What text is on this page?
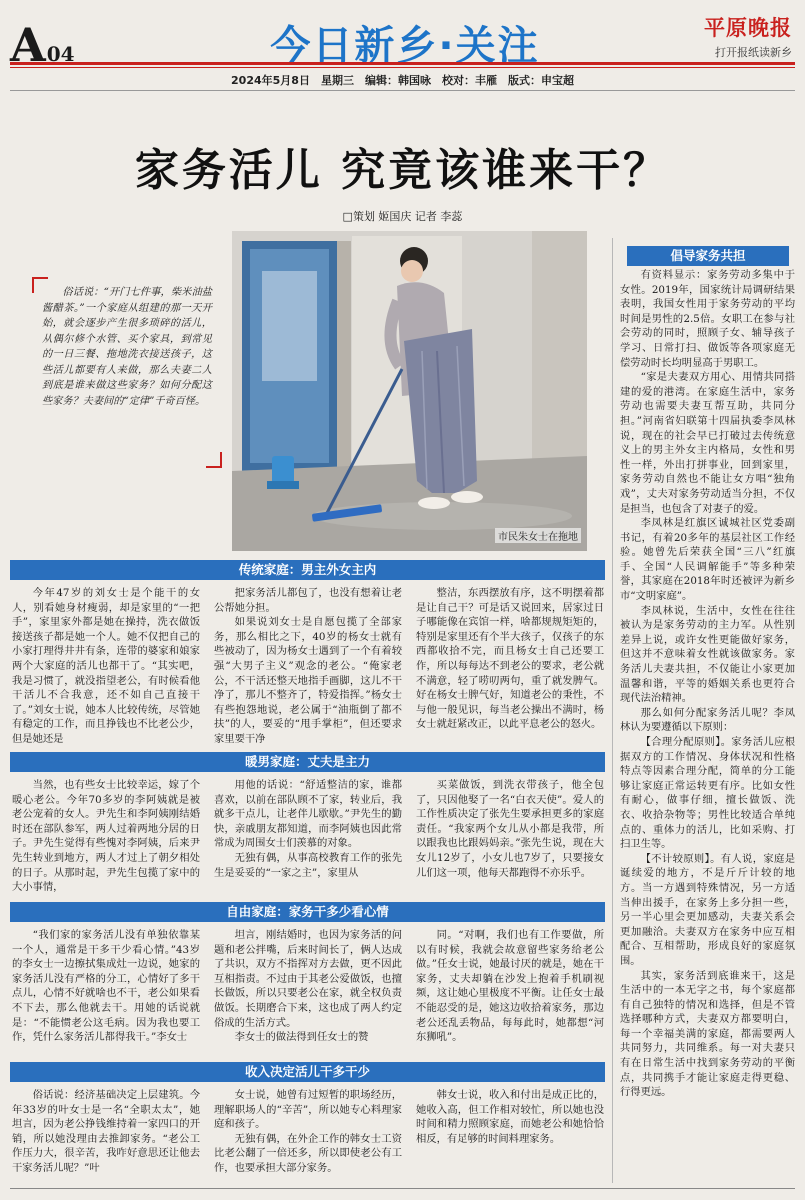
A 04	今日新乡·关注	平原晚报
打开报纸读新乡
2024年5月8日　星期三　编辑：韩国咏　校对：丰雁　版式：申宝超
家务活儿 究竟该谁来干？
□策划 姬国庆 记者 李蕊

俗话说：“开门七件事，柴米油盐酱醋茶。”一个家庭从组建的那一天开始，就会逐步产生很多琐碎的活儿，从偶尔修个水管、买个家具，到常见的一日三餐、拖地洗衣接送孩子，这些活儿都要有人来做，那么夫妻二人到底是谁来做这些家务？如何分配这些家务？夫妻间的“定律”千奇百怪。

市民朱女士在拖地
传统家庭：男主外女主内

今年47岁的刘女士是个能干的女人，别看她身材瘦弱，却是家里的“一把手”，家里家外都是她在操持，洗衣做饭接送孩子都是她一个人。她不仅把自己的小家打理得井井有条，连带的婆家和娘家两个大家庭的活儿也都干了。“其实吧，我是习惯了，就没指望老公，有时候看他干活儿不合我意，还不如自己直接干了。”刘女士说，她本人比较传统，尽管她有稳定的工作，而且挣钱也不比老公少，但是她还是

把家务活儿都包了，也没有想着让老公帮她分担。

如果说刘女士是自愿包揽了全部家务，那么相比之下，40岁的杨女士就有些被动了，因为杨女士遇到了一个有着较强“大男子主义”观念的老公。“俺家老公，不干活还整天地指手画脚，这儿不干净了，那儿不整齐了，特爱指挥。”杨女士有些抱怨地说，老公属于“油瓶倒了都不扶”的人，要妥的“甩手掌柜”，但还要求家里要干净

整洁，东西摆放有序，这不明摆着都是让自己干？可是话又说回来，居家过日子哪能像在宾馆一样，啥都规规矩矩的，特别是家里还有个半大孩子，仅孩子的东西都收拾不完，而且杨女士自己还要工作，所以每每达不到老公的要求，老公就不满意，轻了唠叨两句，重了就发脾气。好在杨女士脾气好，知道老公的秉性，不与他一般见识，每当老公操出不满时，杨女士就赶紧改正，以此平息老公的怒火。

暖男家庭：丈夫是主力

当然，也有些女士比较幸运，嫁了个暖心老公。今年70多岁的李阿姨就是被老公宠着的女人。尹先生和李阿姨刚结婚时还在部队参军，两人过着两地分居的日子。尹先生觉得有些愧对李阿姨，后来尹先生转业到地方，两人才过上了朝夕相处的日子。从那时起，尹先生包揽了家中的大小事情，

用他的话说：“舒适整洁的家，谁都喜欢，以前在部队顾不了家，转业后，我就多干点儿，让老伴儿歇歇。”尹先生的勤快，亲戚朋友都知道，而李阿姨也因此常常成为周围女士们羡慕的对象。

无独有偶，从事高校教育工作的张先生是妥妥的“一家之主”，家里从

买菜做饭，到洗衣带孩子，他全包了，只因他娶了一名“白衣天使”。爱人的工作性质决定了张先生要承担更多的家庭责任。“我家两个女儿从小都是我带，所以跟我也比跟妈妈亲。”张先生说，现在大女儿12岁了，小女儿也7岁了，只要接女儿们这一项，他每天都跑得不亦乐乎。

自由家庭：家务干多少看心情

“我们家的家务活儿没有单独依靠某一个人，通常是干多干少看心情。”43岁的李女士一边擦拭集成灶一边说，她家的家务活儿没有严格的分工，心情好了多干点儿，心情不好就啥也不干，老公如果看不下去，那么他就去干。用她的话说就是：“不能惯老公这毛病。因为我也要工作，凭什么家务活儿都得我干。”李女士

坦言，刚结婚时，也因为家务活的问题和老公拌嘴，后来时间长了，俩人达成了共识，双方不指挥对方去做，更不因此互相指责。不过由于其老公爱做饭，也擅长做饭，所以只要老公在家，就全权负责做饭。长期磨合下来，这也成了两人约定俗成的生活方式。

李女士的做法得到任女士的赞

同。“对啊，我们也有工作要做，所以有时候，我就会故意留些家务给老公做。”任女士说，她最讨厌的就是，她在干家务，丈夫却躺在沙发上抱着手机刷视频，这让她心里极度不平衡。让任女士最不能忍受的是，她这边收拾着家务，那边老公还乱丢物品，每每此时，她都想“河东狮吼”。

收入决定活儿干多干少

俗话说：经济基础决定上层建筑。今年33岁的叶女士是一名“全职太太”，她坦言，因为老公挣钱维持着一家四口的开销，所以她没理由去推卸家务。“老公工作压力大，很辛苦，我咋好意思还让他去干家务活儿呢？”叶

女士说，她曾有过短暂的职场经历，理解职场人的“辛苦”，所以她专心料理家庭和孩子。

无独有偶，在外企工作的韩女士工资比老公翻了一倍还多，所以即使老公有工作，也要承担大部分家务。

韩女士说，收入和付出是成正比的，她收入高，但工作相对较忙，所以她也没时间和精力照顾家庭，而她老公和她恰恰相反，有足够的时间料理家务。

倡导家务共担

有资料显示：家务劳动多集中于女性。2019年，国家统计局调研结果表明，我国女性用于家务劳动的平均时间是男性的2.5倍。女职工在参与社会劳动的同时，照顾子女、辅导孩子学习、日常打扫、做饭等各项家庭无偿劳动时长均明显高于男职工。

“家是夫妻双方用心、用情共同搭建的爱的港湾。在家庭生活中，家务劳动也需要夫妻互帮互助，共同分担。”河南省妇联第十四届执委李凤林说，现在的社会早已打破过去传统意义上的男主外女主内格局，女性和男性一样，外出打拼事业，回到家里，家务劳动自然也不能让女方唱“独角戏”，丈夫对家务劳动适当分担，不仅是担当，也包含了对妻子的爱。

李凤林是红旗区诚城社区党委副书记，有着20多年的基层社区工作经验。她曾先后荣获全国“三八”红旗手、全国“人民调解能手”等多种荣誉，其家庭在2018年时还被评为新乡市“文明家庭”。

李凤林说，生活中，女性在往往被认为是家务劳动的主力军。从性别差异上说，或许女性更能做好家务，但这并不意味着女性就该做家务。家务活儿夫妻共担，不仅能让小家更加温馨和谐，平等的婚姻关系也更符合现代法治精神。

那么如何分配家务活儿呢？李凤林认为要遵循以下原则：

【合理分配原则】。家务活儿应根据双方的工作情况、身体状况和性格特点等因素合理分配，简单的分工能够让家庭正常运转更有序。比如女性有耐心，做事仔细，擅长做饭、洗衣、收拾杂物等；男性比较适合单纯点的、重体力的活儿，比如采购、打扫卫生等。

【不计较原则】。有人说，家庭是诞续爱的地方，不是斤斤计较的地方。当一方遇到特殊情况，另一方适当伸出援手，在家务上多分担一些，另一半心里会更加感动，夫妻关系会更加融洽。夫妻双方在家务中应互相配合、互相帮助，形成良好的家庭氛围。

其实，家务活到底谁来干，这是生活中的一本无字之书，每个家庭都有自己独特的情况和选择，但是不管选择哪种方式，夫妻双方都要明白，每一个幸福美满的家庭，都需要两人共同努力，共同维系。每一对夫妻只有在日常生活中找到家务劳动的平衡点，共同携手才能让家庭走得更稳、行得更远。
